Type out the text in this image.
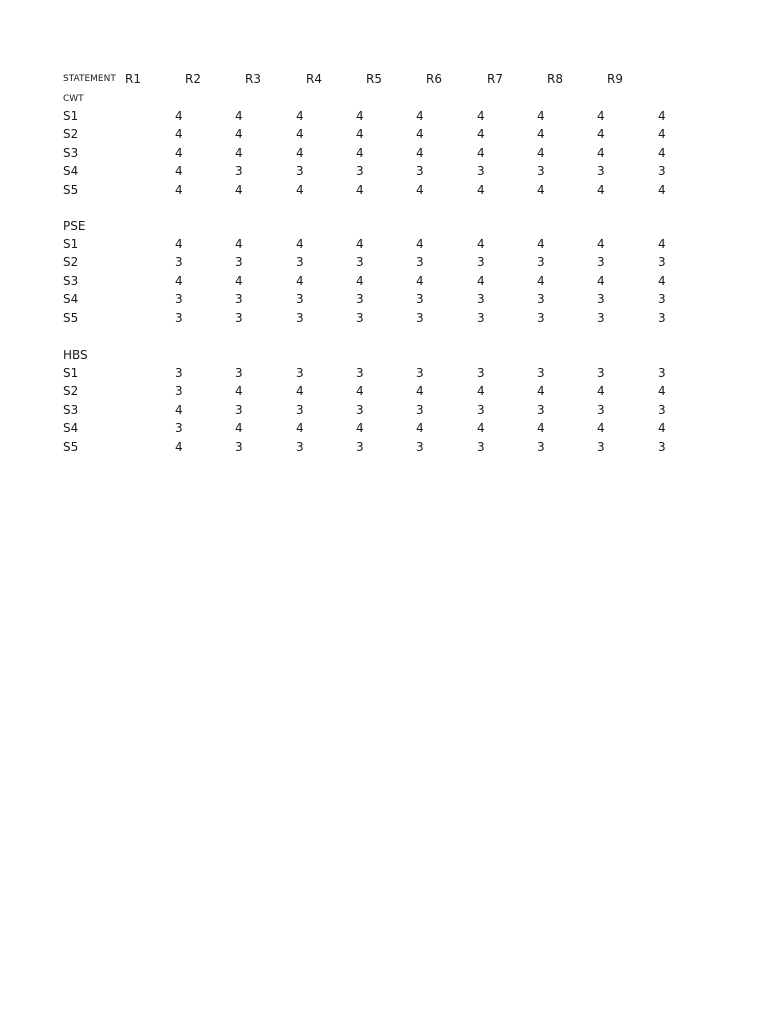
STATEMENT R1	R2	R3	R4	R5	R6	R7	R8	R9
CWT
S1	4	4	4	4	4	4	4	4	4
S2	4	4	4	4	4	4	4	4	4
S3	4	4	4	4	4	4	4	4	4
S4	4	3	3	3	3	3	3	3	3
S5	4	4	4	4	4	4	4	4	4
PSE
S1	4	4	4	4	4	4	4	4	4
S2	3	3	3	3	3	3	3	3	3
S3	4	4	4	4	4	4	4	4	4
S4	3	3	3	3	3	3	3	3	3
S5	3	3	3	3	3	3	3	3	3
HBS
S1	3	3	3	3	3	3	3	3	3
S2	3	4	4	4	4	4	4	4	4
S3	4	3	3	3	3	3	3	3	3
S4	3	4	4	4	4	4	4	4	4
S5	4	3	3	3	3	3	3	3	3
